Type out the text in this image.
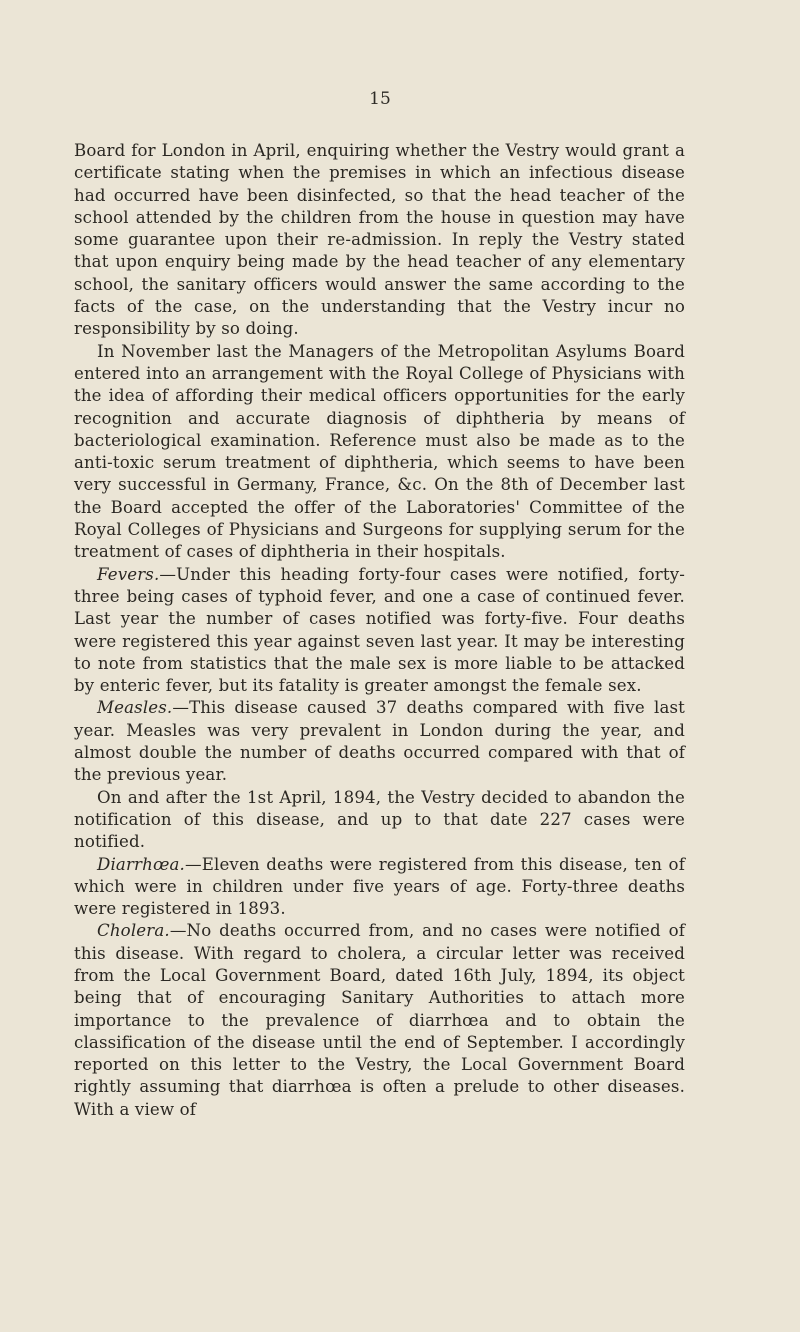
15

Board for London in April, enquiring whether the Vestry would grant a certificate stating when the premises in which an infectious disease had occurred have been disinfected, so that the head teacher of the school attended by the children from the house in question may have some guarantee upon their re-admission. In reply the Vestry stated that upon enquiry being made by the head teacher of any elementary school, the sanitary officers would answer the same according to the facts of the case, on the understanding that the Vestry incur no responsibility by so doing.

In November last the Managers of the Metropolitan Asylums Board entered into an arrangement with the Royal College of Physicians with the idea of affording their medical officers opportunities for the early recognition and accurate diagnosis of diphtheria by means of bacteriological examination. Reference must also be made as to the anti-toxic serum treatment of diphtheria, which seems to have been very successful in Germany, France, &c. On the 8th of December last the Board accepted the offer of the Laboratories' Committee of the Royal Colleges of Physicians and Surgeons for supplying serum for the treatment of cases of diphtheria in their hospitals.

Fevers.—Under this heading forty-four cases were notified, forty-three being cases of typhoid fever, and one a case of continued fever. Last year the number of cases notified was forty-five. Four deaths were registered this year against seven last year. It may be interesting to note from statistics that the male sex is more liable to be attacked by enteric fever, but its fatality is greater amongst the female sex.

Measles.—This disease caused 37 deaths compared with five last year. Measles was very prevalent in London during the year, and almost double the number of deaths occurred compared with that of the previous year.

On and after the 1st April, 1894, the Vestry decided to abandon the notification of this disease, and up to that date 227 cases were notified.

Diarrhœa.—Eleven deaths were registered from this disease, ten of which were in children under five years of age. Forty-three deaths were registered in 1893.

Cholera.—No deaths occurred from, and no cases were notified of this disease. With regard to cholera, a circular letter was received from the Local Government Board, dated 16th July, 1894, its object being that of encouraging Sanitary Authorities to attach more importance to the prevalence of diarrhœa and to obtain the classification of the disease until the end of September. I accordingly reported on this letter to the Vestry, the Local Government Board rightly assuming that diarrhœa is often a prelude to other diseases. With a view of
